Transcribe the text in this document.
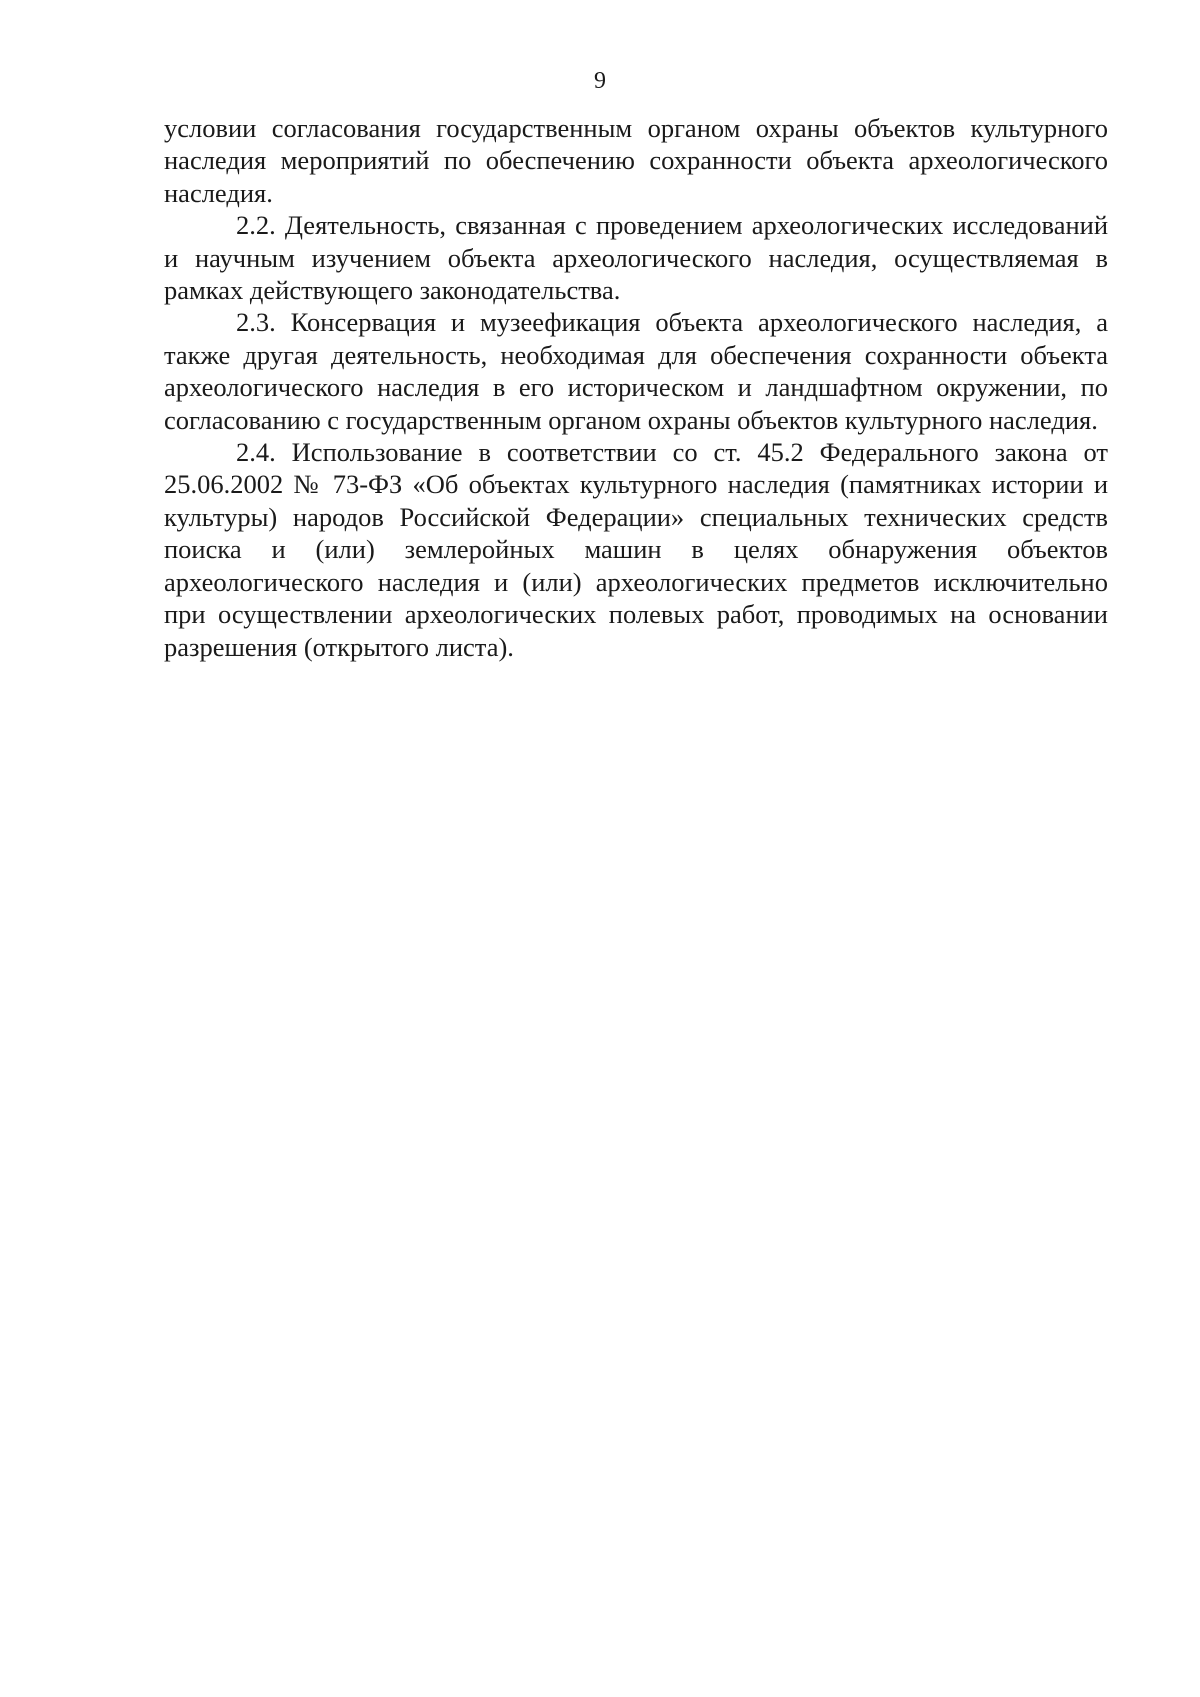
9

условии согласования государственным органом охраны объектов культурного наследия мероприятий по обеспечению сохранности объекта археологического наследия.

2.2. Деятельность, связанная с проведением археологических исследований и научным изучением объекта археологического наследия, осуществляемая в рамках действующего законодательства.

2.3. Консервация и музеефикация объекта археологического наследия, а также другая деятельность, необходимая для обеспечения сохранности объекта археологического наследия в его историческом и ландшафтном окружении, по согласованию с государственным органом охраны объектов культурного наследия.

2.4. Использование в соответствии со ст. 45.2 Федерального закона от 25.06.2002 № 73-ФЗ «Об объектах культурного наследия (памятниках истории и культуры) народов Российской Федерации» специальных технических средств поиска и (или) землеройных машин в целях обнаружения объектов археологического наследия и (или) археологических предметов исключительно при осуществлении археологических полевых работ, проводимых на основании разрешения (открытого листа).
